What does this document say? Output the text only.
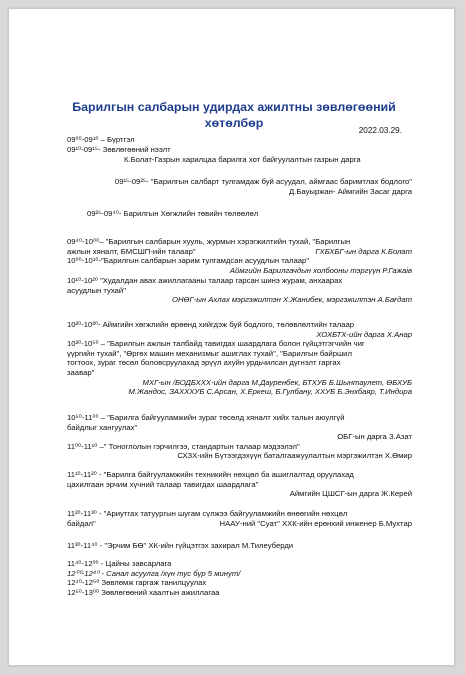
Барилгын салбарын удирдах ажилтны зөвлөгөөний хөтөлбөр
2022.03.29.
09⁰⁰-09¹⁰ – Бүртгэл
09¹⁰-09¹⁵- Зөвлөгөөний нээлт
К.Болат-Газрын харилцаа барилга хот байгуулалтын газрын дарга
09¹⁵-09²⁵- "Барилгын салбарт тулгамдаж буй асуудал, аймгаас баримтлах бодлого"
Д.Бауыржан- Аймгийн Засаг дарга
09²⁵-09⁴⁰- Барилгын Хөгжлийн төвийн төлөөлөл
09⁴⁰-10⁰⁰– "Барилгын салбарын хууль, журмын хэрэгжилтийн тухай, "Барилгын
ажлын хяналт, БМСШП-ийн талаар"	ГХБХБГ-ын дарга К.Болат
10⁰⁰-10¹⁰-"Барилгын салбарын зарим тулгамдсан асуудлын талаар"
Аймгийн Барилгачдын холбооны тэргүүн Р.Гажаiв
10¹⁰-10²⁰ "Худалдан авах ажиллагааны талаар гарсан шинэ журам, анхаарах
асуудлын тухай"
ОНӨГ-ын Ахлах мэргэжилтэн Х.Жанибек, мэргэжилтэн А.Бағдат
10²⁰-10³⁰- Аймгийн хөгжлийн өрөөнд хийгдэж буй бодлого, төлөвлөлтийн талаар
ХОХБТХ-ийн дарга Х.Анар
10³⁰-10⁵⁰ – "Барилгын ажлын талбайд тавигдах шаардлага болон гүйцэтгэгчийн чиг
үүргийн тухай", "Өргөх машин механизмыг ашиглах тухай", "Барилгын байршил
тогтоох, зураг төсөл боловсруулахад эрүүл ахуйн урдьчилсан дүгнэлт гаргах
заавар"
МХГ-ын /БОДБХХХ-ийн дарга М.Дауренбек, БТХУБ Б.Шынтаулет, ӨБХУБ
М.Жандос, ЗАХХХУБ С.Арсан, Х.Еркеш, Б.Гулбану, ХХУБ Б.Энхбаяр, Т.Индира
10⁵⁰-11⁰⁰ – "Барилга байгууламжийн зураг төсөлд хяналт хийх талын аюулгүй
байдлыг хангуулах"
ОБГ-ын дарга З.Азат
11⁰⁰-11¹⁰ –" Тоноглолын гэрчилгээ, стандартын талаар мэдээлэл"
СХЗХ-ийн Бүтээгдэхүүн баталгаажуулалтын мэргэжилтэн Х.Өмир
11¹⁰-11²⁰ - "Барилга байгууламжийн техникийн нөхцөл ба ашиглалтад оруулахад
цахилгаан эрчим хүчний талаар тавигдах шаардлага"
Аймгийн ЦШСГ-ын дарга Ж.Керей
11²⁰-11³⁰ - "Ариутгах татуургын шугам сүлжээ байгууламжийн өнөөгийн нөхцөл
байдал"	НААУ-ний "Суат" ХХК-ийн ерөнхий инженер Б.Мухтар
11³⁰-11⁴⁰ - "Эрчим БӨ" ХК-ийн гүйцэтгэх захирал М.Тилеуберди
11⁴⁰-12⁰⁰ - Цайны завсарлага
12⁰⁰-12⁴⁰ - Санал асуулга /хүн тус бүр 5 минут/
12⁴⁰-12⁵⁰ Зөвлөмж гаргаж танилцуулах
12⁵⁰-13⁰⁰ Зөвлөгөөний хаалтын ажиллагаа
